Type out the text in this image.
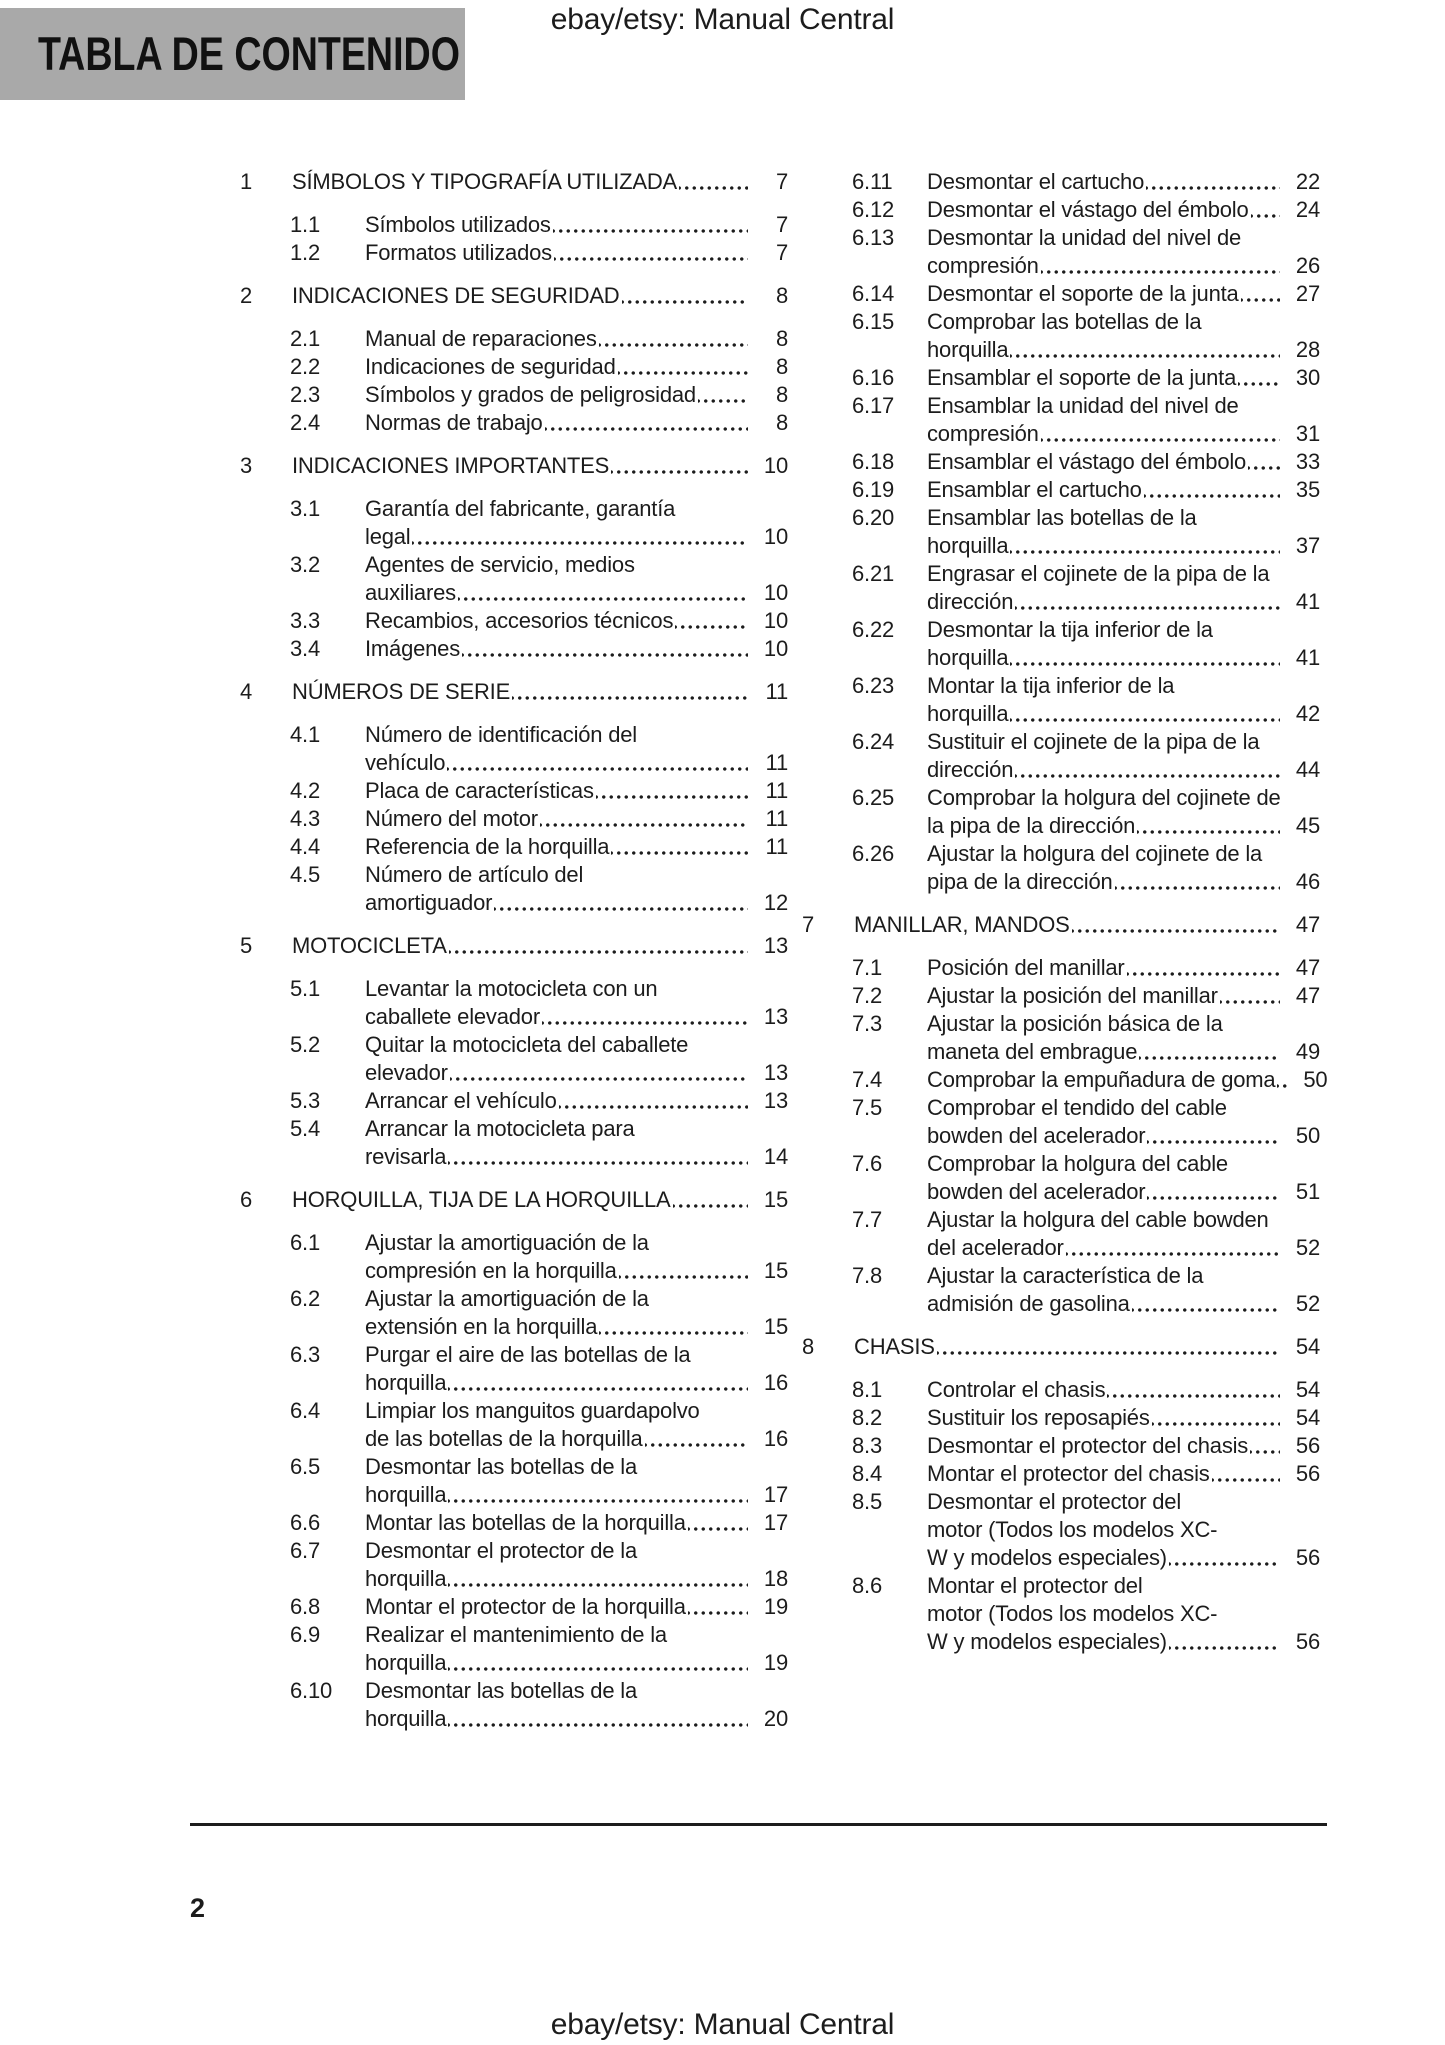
ebay/etsy: Manual Central
TABLA DE CONTENIDO
1	SÍMBOLOS Y TIPOGRAFÍA UTILIZADA	7
1.1	Símbolos utilizados	7
1.2	Formatos utilizados	7
2	INDICACIONES DE SEGURIDAD	8
2.1	Manual de reparaciones	8
2.2	Indicaciones de seguridad	8
2.3	Símbolos y grados de peligrosidad	8
2.4	Normas de trabajo	8
3	INDICACIONES IMPORTANTES	10
3.1	Garantía del fabricante, garantía
legal	10
3.2	Agentes de servicio, medios
auxiliares	10
3.3	Recambios, accesorios técnicos	10
3.4	Imágenes	10
4	NÚMEROS DE SERIE	11
4.1	Número de identificación del
vehículo	11
4.2	Placa de características	11
4.3	Número del motor	11
4.4	Referencia de la horquilla	11
4.5	Número de artículo del
amortiguador	12
5	MOTOCICLETA	13
5.1	Levantar la motocicleta con un
caballete elevador	13
5.2	Quitar la motocicleta del caballete
elevador	13
5.3	Arrancar el vehículo	13
5.4	Arrancar la motocicleta para
revisarla	14
6	HORQUILLA, TIJA DE LA HORQUILLA	15
6.1	Ajustar la amortiguación de la
compresión en la horquilla	15
6.2	Ajustar la amortiguación de la
extensión en la horquilla	15
6.3	Purgar el aire de las botellas de la
horquilla	16
6.4	Limpiar los manguitos guardapolvo
de las botellas de la horquilla	16
6.5	Desmontar las botellas de la
horquilla	17
6.6	Montar las botellas de la horquilla	17
6.7	Desmontar el protector de la
horquilla	18
6.8	Montar el protector de la horquilla	19
6.9	Realizar el mantenimiento de la
horquilla	19
6.10	Desmontar las botellas de la
horquilla	20
6.11	Desmontar el cartucho	22
6.12	Desmontar el vástago del émbolo	24
6.13	Desmontar la unidad del nivel de
compresión	26
6.14	Desmontar el soporte de la junta	27
6.15	Comprobar las botellas de la
horquilla	28
6.16	Ensamblar el soporte de la junta	30
6.17	Ensamblar la unidad del nivel de
compresión	31
6.18	Ensamblar el vástago del émbolo	33
6.19	Ensamblar el cartucho	35
6.20	Ensamblar las botellas de la
horquilla	37
6.21	Engrasar el cojinete de la pipa de la
dirección	41
6.22	Desmontar la tija inferior de la
horquilla	41
6.23	Montar la tija inferior de la
horquilla	42
6.24	Sustituir el cojinete de la pipa de la
dirección	44
6.25	Comprobar la holgura del cojinete de
la pipa de la dirección	45
6.26	Ajustar la holgura del cojinete de la
pipa de la dirección	46
7	MANILLAR, MANDOS	47
7.1	Posición del manillar	47
7.2	Ajustar la posición del manillar	47
7.3	Ajustar la posición básica de la
maneta del embrague	49
7.4	Comprobar la empuñadura de goma	50
7.5	Comprobar el tendido del cable
bowden del acelerador	50
7.6	Comprobar la holgura del cable
bowden del acelerador	51
7.7	Ajustar la holgura del cable bowden
del acelerador	52
7.8	Ajustar la característica de la
admisión de gasolina	52
8	CHASIS	54
8.1	Controlar el chasis	54
8.2	Sustituir los reposapiés	54
8.3	Desmontar el protector del chasis	56
8.4	Montar el protector del chasis	56
8.5	Desmontar el protector del
motor (Todos los modelos XC-
W y modelos especiales)	56
8.6	Montar el protector del
motor (Todos los modelos XC-
W y modelos especiales)	56
2
ebay/etsy: Manual Central
